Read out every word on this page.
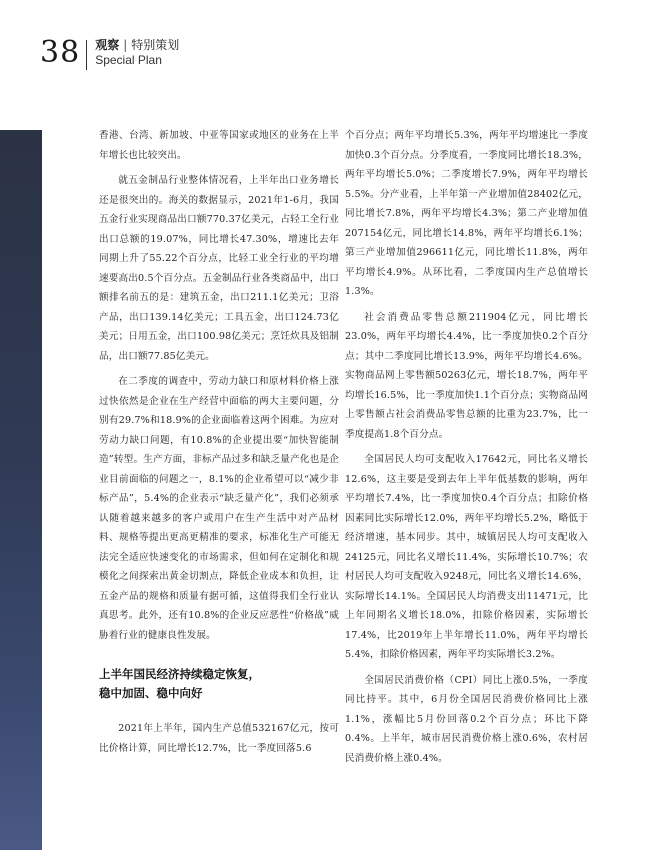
38 观察 | 特别策划
Special Plan

香港、台湾、新加坡、中亚等国家或地区的业务在上半年增长也比较突出。

就五金制品行业整体情况看，上半年出口业务增长还是很突出的。海关的数据显示，2021年1-6月，我国五金行业实现商品出口额770.37亿美元，占轻工全行业出口总额的19.07%，同比增长47.30%，增速比去年同期上升了55.22个百分点，比轻工业全行业的平均增速要高出0.5个百分点。五金制品行业各类商品中，出口额排名前五的是：建筑五金，出口211.1亿美元；卫浴产品，出口139.14亿美元；工具五金，出口124.73亿美元；日用五金，出口100.98亿美元；烹饪炊具及铝制品，出口额77.85亿美元。

在二季度的调查中，劳动力缺口和原材料价格上涨过快依然是企业在生产经营中面临的两大主要问题，分别有29.7%和18.9%的企业面临着这两个困难。为应对劳动力缺口问题，有10.8%的企业提出要“加快智能制造”转型。生产方面，非标产品过多和缺乏量产化也是企业目前面临的问题之一，8.1%的企业希望可以“减少非标产品”，5.4%的企业表示“缺乏量产化”，我们必须承认随着越来越多的客户或用户在生产生活中对产品材料、规格等提出更高更精准的要求，标准化生产可能无法完全适应快速变化的市场需求，但如何在定制化和规模化之间探索出黄金切割点，降低企业成本和负担，让五金产品的规格和质量有据可循，这值得我们全行业认真思考。此外，还有10.8%的企业反应恶性“价格战”威胁着行业的健康良性发展。

上半年国民经济持续稳定恢复，
稳中加固、稳中向好

2021年上半年，国内生产总值532167亿元，按可比价格计算，同比增长12.7%，比一季度回落5.6

个百分点；两年平均增长5.3%，两年平均增速比一季度加快0.3个百分点。分季度看，一季度同比增长18.3%，两年平均增长5.0%；二季度增长7.9%，两年平均增长5.5%。分产业看，上半年第一产业增加值28402亿元，同比增长7.8%，两年平均增长4.3%；第二产业增加值207154亿元，同比增长14.8%，两年平均增长6.1%；第三产业增加值296611亿元，同比增长11.8%，两年平均增长4.9%。从环比看，二季度国内生产总值增长1.3%。

社会消费品零售总额211904亿元，同比增长23.0%，两年平均增长4.4%，比一季度加快0.2个百分点；其中二季度同比增长13.9%，两年平均增长4.6%。实物商品网上零售额50263亿元，增长18.7%，两年平均增长16.5%，比一季度加快1.1个百分点；实物商品网上零售额占社会消费品零售总额的比重为23.7%，比一季度提高1.8个百分点。

全国居民人均可支配收入17642元，同比名义增长12.6%，这主要是受到去年上半年低基数的影响，两年平均增长7.4%，比一季度加快0.4个百分点；扣除价格因素同比实际增长12.0%，两年平均增长5.2%，略低于经济增速，基本同步。其中，城镇居民人均可支配收入24125元，同比名义增长11.4%，实际增长10.7%；农村居民人均可支配收入9248元，同比名义增长14.6%，实际增长14.1%。全国居民人均消费支出11471元，比上年同期名义增长18.0%，扣除价格因素，实际增长17.4%，比2019年上半年增长11.0%，两年平均增长5.4%，扣除价格因素，两年平均实际增长3.2%。

全国居民消费价格（CPI）同比上涨0.5%，一季度同比持平。其中，6月份全国居民消费价格同比上涨1.1%，涨幅比5月份回落0.2个百分点；环比下降0.4%。上半年，城市居民消费价格上涨0.6%，农村居民消费价格上涨0.4%。
